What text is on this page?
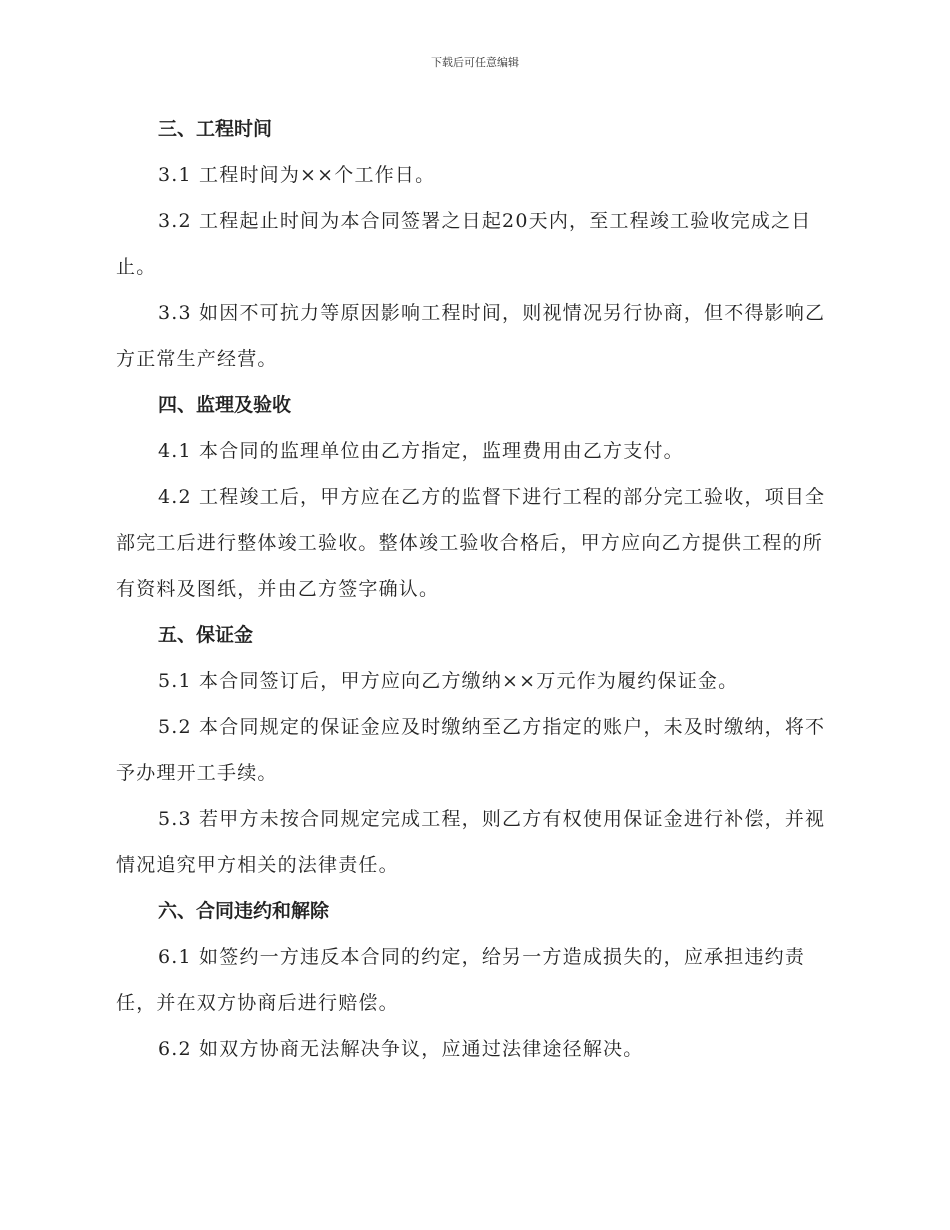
下载后可任意编辑
三、工程时间

3.1 工程时间为××个工作日。

3.2 工程起止时间为本合同签署之日起20天内，至工程竣工验收完成之日止。

3.3 如因不可抗力等原因影响工程时间，则视情况另行协商，但不得影响乙方正常生产经营。

四、监理及验收

4.1 本合同的监理单位由乙方指定，监理费用由乙方支付。

4.2 工程竣工后，甲方应在乙方的监督下进行工程的部分完工验收，项目全部完工后进行整体竣工验收。整体竣工验收合格后，甲方应向乙方提供工程的所有资料及图纸，并由乙方签字确认。

五、保证金

5.1 本合同签订后，甲方应向乙方缴纳××万元作为履约保证金。

5.2 本合同规定的保证金应及时缴纳至乙方指定的账户，未及时缴纳，将不予办理开工手续。

5.3 若甲方未按合同规定完成工程，则乙方有权使用保证金进行补偿，并视情况追究甲方相关的法律责任。

六、合同违约和解除

6.1 如签约一方违反本合同的约定，给另一方造成损失的，应承担违约责任，并在双方协商后进行赔偿。

6.2 如双方协商无法解决争议，应通过法律途径解决。
